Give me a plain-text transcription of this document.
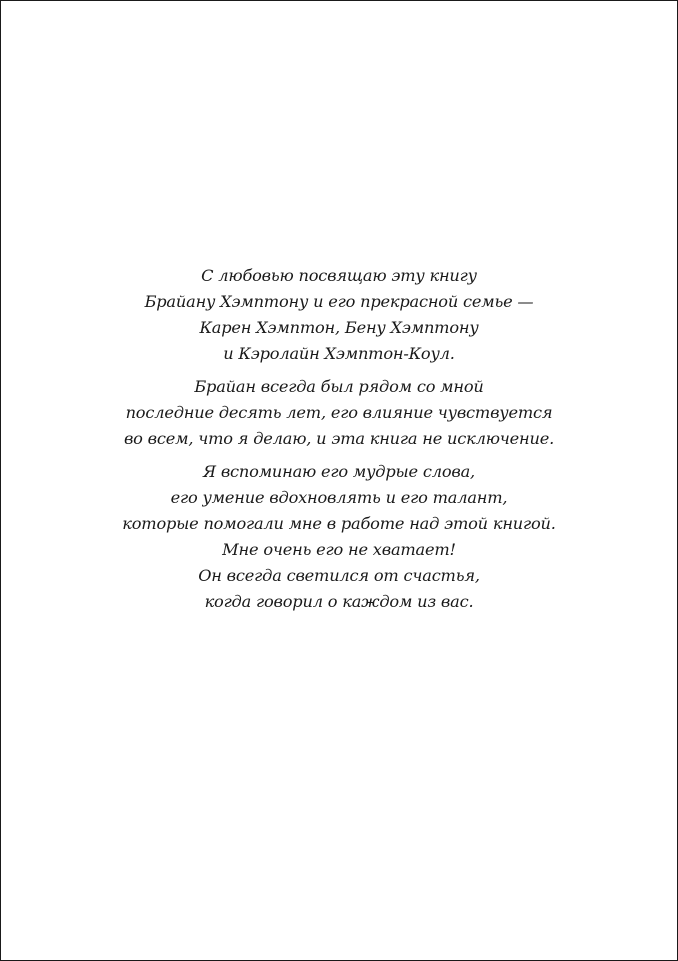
С любовью посвящаю эту книгу
Брайану Хэмптону и его прекрасной семье —
Карен Хэмптон, Бену Хэмптону
и Кэролайн Хэмптон-Коул.

Брайан всегда был рядом со мной
последние десять лет, его влияние чувствуется
во всем, что я делаю, и эта книга не исключение.

Я вспоминаю его мудрые слова,
его умение вдохновлять и его талант,
которые помогали мне в работе над этой книгой.
Мне очень его не хватает!
Он всегда светился от счастья,
когда говорил о каждом из вас.
